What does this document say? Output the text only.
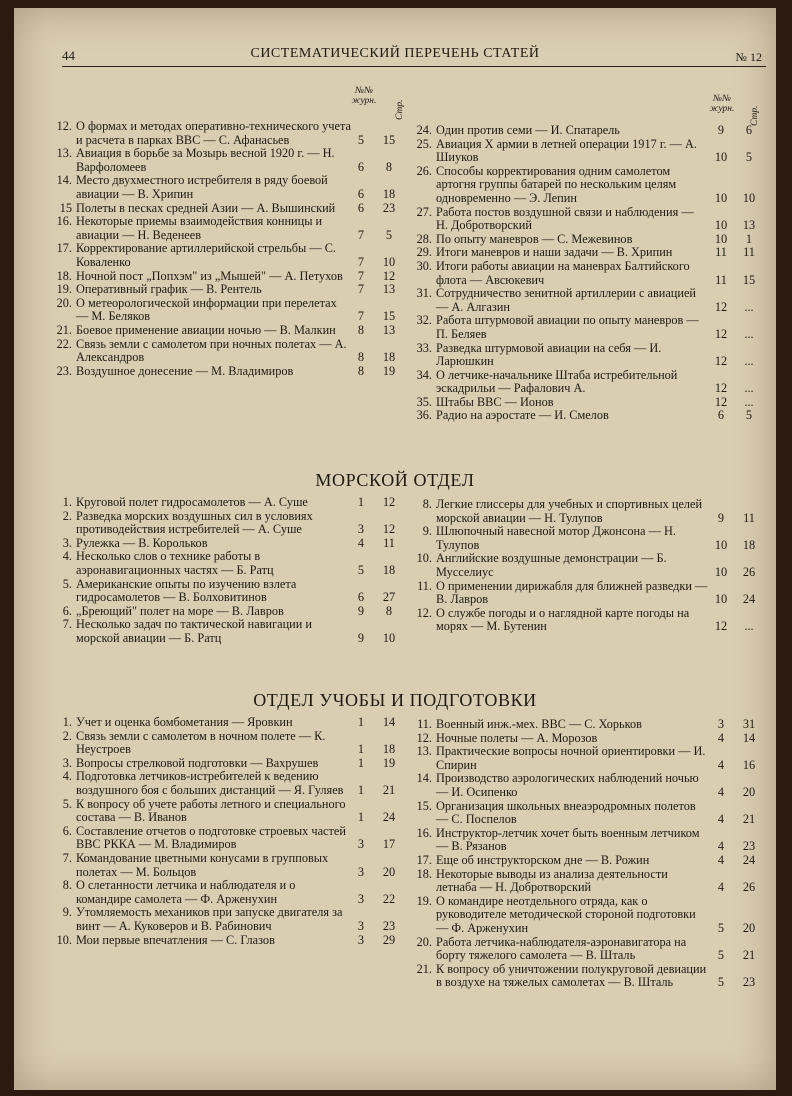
44	СИСТЕМАТИЧЕСКИЙ ПЕРЕЧЕНЬ СТАТЕЙ	№ 12
№№ журн.	Стр.
№№ журн.	Стр.
12. О формах и методах оперативно-технического учета и расчета в парках ВВС — С. Афанасьев	5	15
13. Авиация в борьбе за Мозырь весной 1920 г. — Н. Варфоломеев	6	8
14. Место двухместного истребителя в ряду боевой авиации — В. Хрипин	6	18
15 Полеты в песках средней Азии — А. Вышинский	6	23
16. Некоторые приемы взаимодействия конницы и авиации — Н. Веденеев	7	5
17. Корректирование артиллерийской стрельбы — С. Коваленко	7	10
18. Ночной пост „Попхэм" из „Мышей" — А. Петухов	7	12
19. Оперативный график — В. Рентель	7	13
20. О метеорологической информации при перелетах — М. Беляков	7	15
21. Боевое применение авиации ночью — В. Малкин	8	13
22. Связь земли с самолетом при ночных полетах — А. Александров	8	18
23. Воздушное донесение — М. Владимиров	8	19
24. Один против семи — И. Спатарель	9	6
25. Авиация X армии в летней операции 1917 г. — А. Шиуков	10	5
26. Способы корректирования одним самолетом артогня группы батарей по нескольким целям одновременно — Э. Лепин	10	10
27. Работа постов воздушной связи и наблюдения — Н. Добротворский	10	13
28. По опыту маневров — С. Межевинов	10	1
29. Итоги маневров и наши задачи — В. Хрипин	11	11
30. Итоги работы авиации на маневрах Балтийского флота — Авсюкевич	11	15
31. Сотрудничество зенитной артиллерии с авиацией — А. Алгазин	12	...
32. Работа штурмовой авиации по опыту маневров — П. Беляев	12	...
33. Разведка штурмовой авиации на себя — И. Ларюшкин	12	...
34. О летчике-начальнике Штаба истребительной эскадрильи — Рафалович А.	12	...
35. Штабы ВВС — Ионов	12	...
36. Радио на аэростате — И. Смелов	6	5
МОРСКОЙ ОТДЕЛ
1. Круговой полет гидросамолетов — А. Суше	1	12
2. Разведка морских воздушных сил в условиях противодействия истребителей — А. Суше	3	12
3. Рулежка — В. Корольков	4	11
4. Несколько слов о технике работы в аэронавигационных частях — Б. Ратц	5	18
5. Американские опыты по изучению взлета гидросамолетов — В. Болховитинов	6	27
6. „Бреющий" полет на море — В. Лавров	9	8
7. Несколько задач по тактической навигации и морской авиации — Б. Ратц	9	10
8. Легкие глиссеры для учебных и спортивных целей морской авиации — Н. Тулупов	9	11
9. Шлюпочный навесной мотор Джонсона — Н. Тулупов	10	18
10. Английские воздушные демонстрации — Б. Мусселиус	10	26
11. О применении дирижабля для ближней разведки — В. Лавров	10	24
12. О службе погоды и о наглядной карте погоды на морях — М. Бутенин	12	...
ОТДЕЛ УЧОБЫ И ПОДГОТОВКИ
1. Учет и оценка бомбометания — Яровкин	1	14
2. Связь земли с самолетом в ночном полете — К. Неустроев	1	18
3. Вопросы стрелковой подготовки — Вахрушев	1	19
4. Подготовка летчиков-истребителей к ведению воздушного боя с больших дистанций — Я. Гуляев	1	21
5. К вопросу об учете работы летного и специального состава — В. Иванов	1	24
6. Составление отчетов о подготовке строевых частей ВВС РККА — М. Владимиров	3	17
7. Командование цветными конусами в групповых полетах — М. Больцов	3	20
8. О слетанности летчика и наблюдателя и о командире самолета — Ф. Арженухин	3	22
9. Утомляемость механиков при запуске двигателя за винт — А. Куковеров и В. Рабинович	3	23
10. Мои первые впечатления — С. Глазов	3	29
11. Военный инж.-мех. ВВС — С. Хорьков	3	31
12. Ночные полеты — А. Морозов	4	14
13. Практические вопросы ночной ориентировки — И. Спирин	4	16
14. Производство аэрологических наблюдений ночью — И. Осипенко	4	20
15. Организация школьных внеаэродромных полетов — С. Поспелов	4	21
16. Инструктор-летчик хочет быть военным летчиком — В. Рязанов	4	23
17. Еще об инструкторском дне — В. Рожин	4	24
18. Некоторые выводы из анализа деятельности летнаба — Н. Добротворский	4	26
19. О командире неотдельного отряда, как о руководителе методической стороной подготовки — Ф. Арженухин	5	20
20. Работа летчика-наблюдателя-аэронавигатора на борту тяжелого самолета — В. Шталь	5	21
21. К вопросу об уничтожении полукруговой девиации в воздухе на тяжелых самолетах — В. Шталь	5	23
